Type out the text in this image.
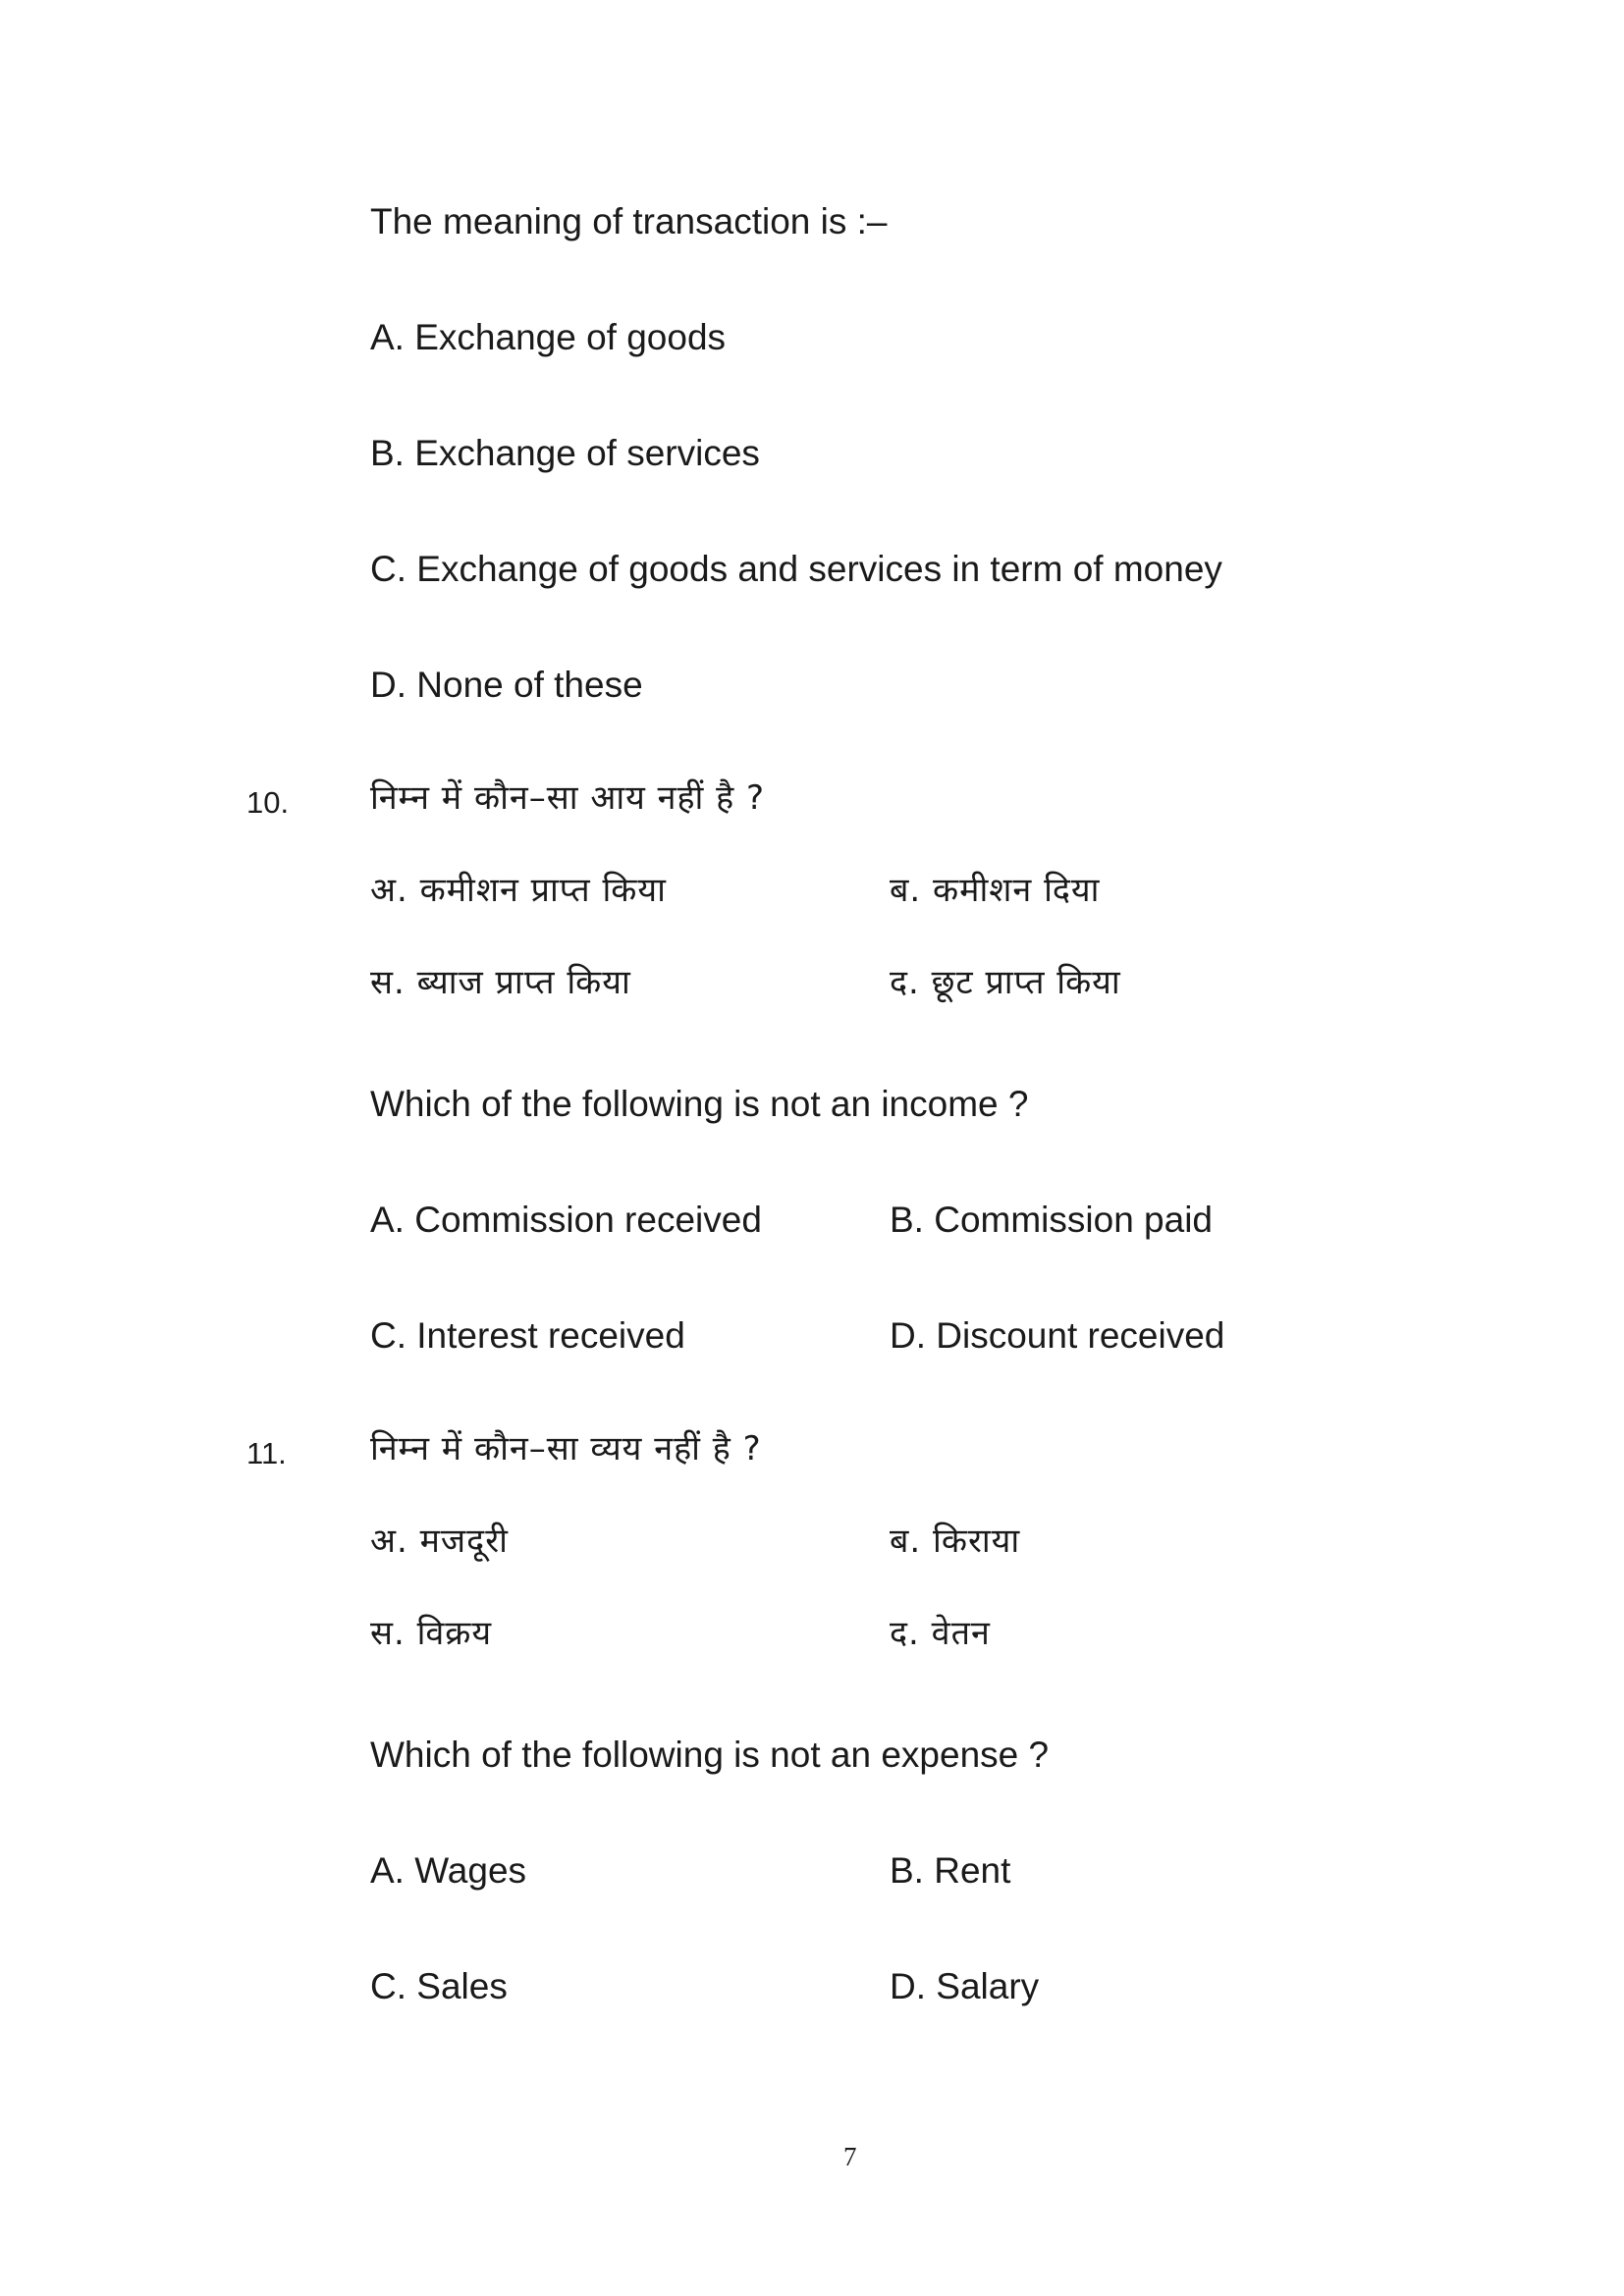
The meaning of transaction is :–
A. Exchange of goods
B. Exchange of services
C. Exchange of goods and services in term of money
D. None of these
10. निम्न में कौन–सा आय नहीं है ?
अ. कमीशन प्राप्त किया	ब. कमीशन दिया
स. ब्याज प्राप्त किया	द. छूट प्राप्त किया
Which of the following is not an income ?
A. Commission received	B. Commission paid
C. Interest received	D. Discount received
11.	निम्न में कौन–सा व्यय नहीं है ?
अ. मजदूरी	ब. किराया
स. विक्रय	द. वेतन
Which of the following is not an expense ?
A. Wages	B. Rent
C. Sales	D. Salary
7
